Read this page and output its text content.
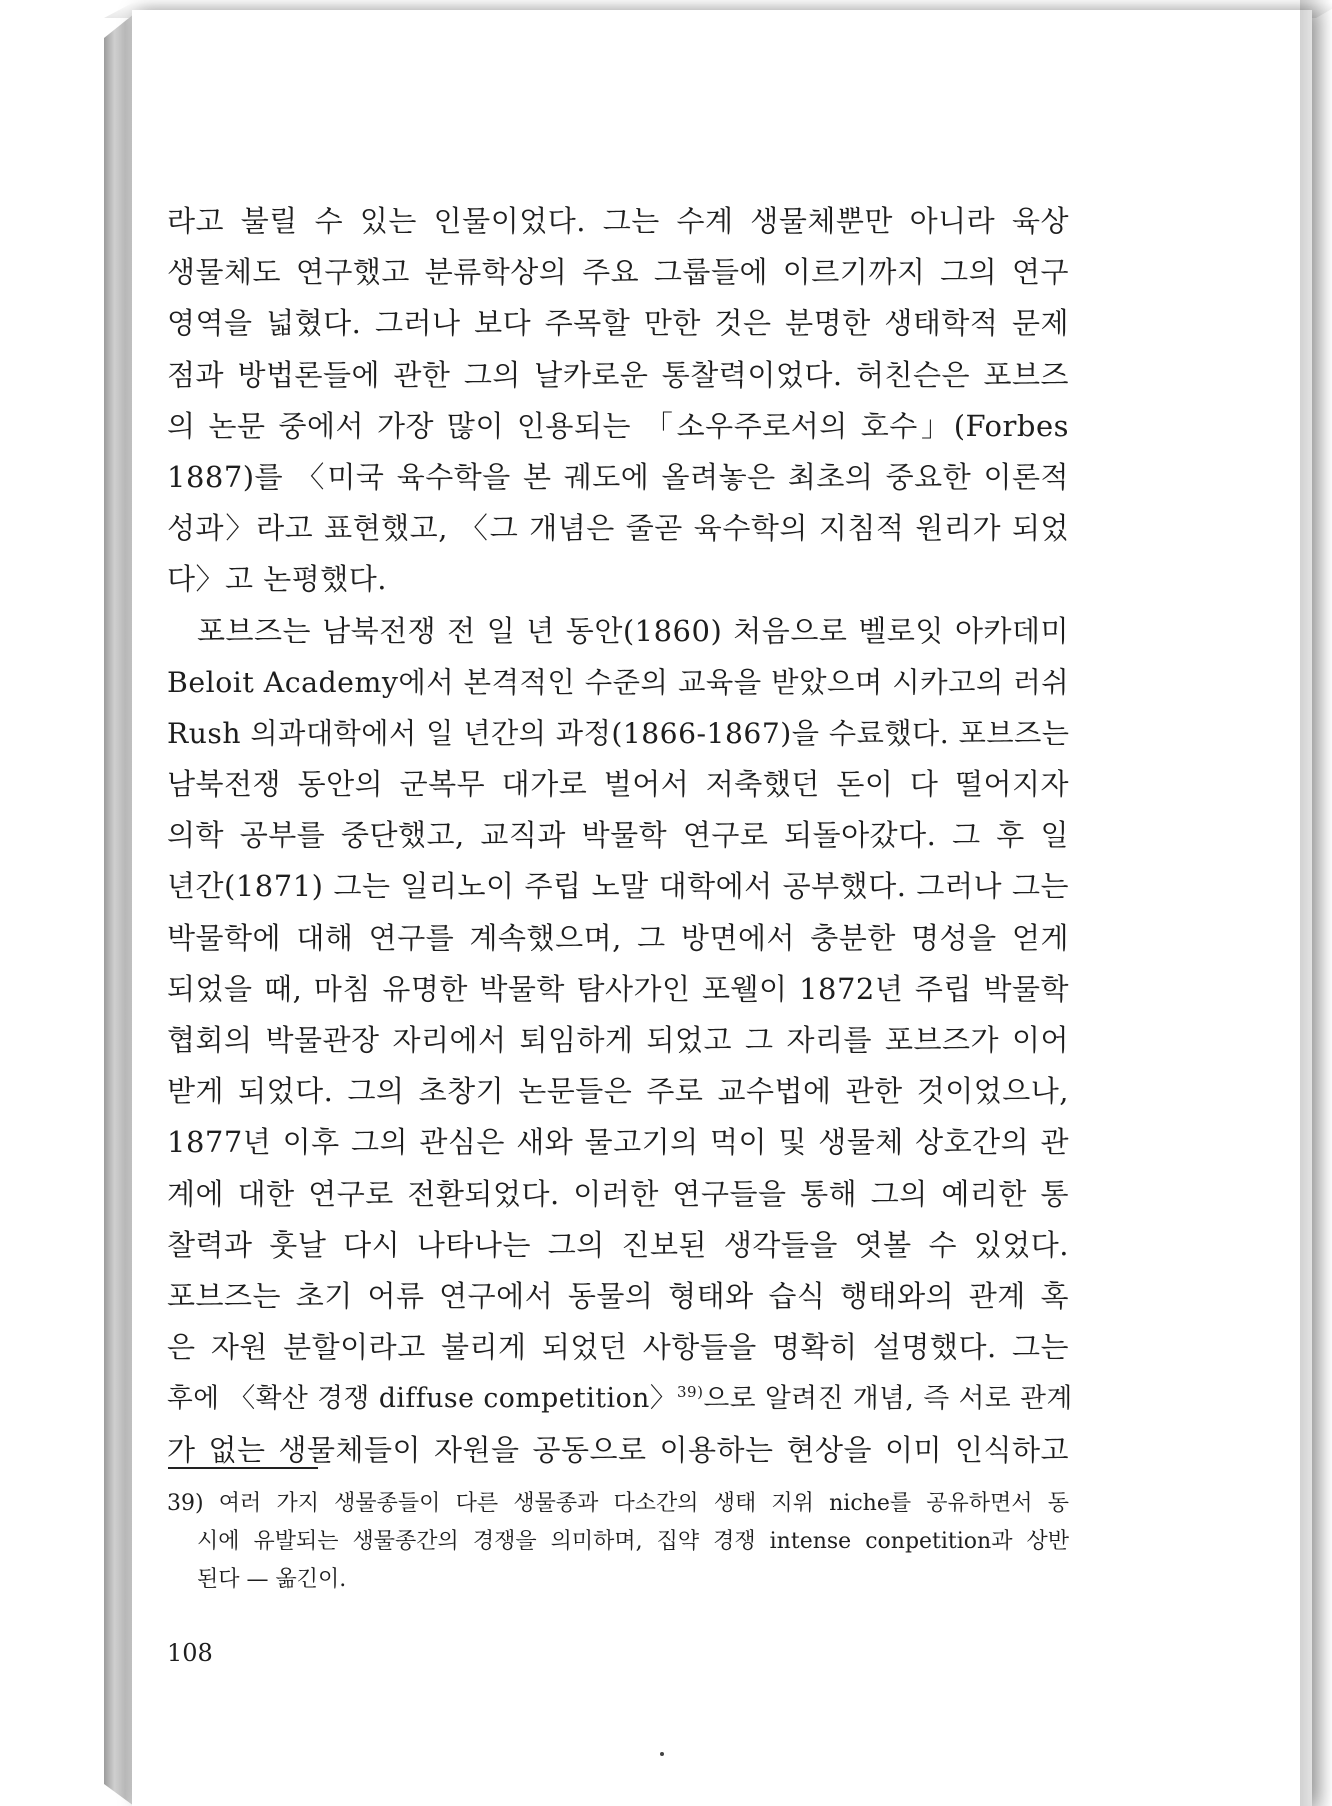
라고 불릴 수 있는 인물이었다. 그는 수계 생물체뿐만 아니라 육상
생물체도 연구했고 분류학상의 주요 그룹들에 이르기까지 그의 연구
영역을 넓혔다. 그러나 보다 주목할 만한 것은 분명한 생태학적 문제
점과 방법론들에 관한 그의 날카로운 통찰력이었다. 허친슨은 포브즈
의 논문 중에서 가장 많이 인용되는 「소우주로서의 호수」(Forbes
1887)를 〈미국 육수학을 본 궤도에 올려놓은 최초의 중요한 이론적
성과〉라고 표현했고, 〈그 개념은 줄곧 육수학의 지침적 원리가 되었
다〉고 논평했다.
포브즈는 남북전쟁 전 일 년 동안(1860) 처음으로 벨로잇 아카데미
Beloit Academy에서 본격적인 수준의 교육을 받았으며 시카고의 러쉬
Rush 의과대학에서 일 년간의 과정(1866-1867)을 수료했다. 포브즈는
남북전쟁 동안의 군복무 대가로 벌어서 저축했던 돈이 다 떨어지자
의학 공부를 중단했고, 교직과 박물학 연구로 되돌아갔다. 그 후 일
년간(1871) 그는 일리노이 주립 노말 대학에서 공부했다. 그러나 그는
박물학에 대해 연구를 계속했으며, 그 방면에서 충분한 명성을 얻게
되었을 때, 마침 유명한 박물학 탐사가인 포웰이 1872년 주립 박물학
협회의 박물관장 자리에서 퇴임하게 되었고 그 자리를 포브즈가 이어
받게 되었다. 그의 초창기 논문들은 주로 교수법에 관한 것이었으나,
1877년 이후 그의 관심은 새와 물고기의 먹이 및 생물체 상호간의 관
계에 대한 연구로 전환되었다. 이러한 연구들을 통해 그의 예리한 통
찰력과 훗날 다시 나타나는 그의 진보된 생각들을 엿볼 수 있었다.
포브즈는 초기 어류 연구에서 동물의 형태와 습식 행태와의 관계 혹
은 자원 분할이라고 불리게 되었던 사항들을 명확히 설명했다. 그는
후에 〈확산 경쟁 diffuse competition〉$^{39)}$으로 알려진 개념, 즉 서로 관계
가 없는 생물체들이 자원을 공동으로 이용하는 현상을 이미 인식하고
39) 여러 가지 생물종들이 다른 생물종과 다소간의 생태 지위 niche를 공유하면서 동
시에 유발되는 생물종간의 경쟁을 의미하며, 집약 경쟁 intense conpetition과 상반
된다 — 옮긴이.
108
